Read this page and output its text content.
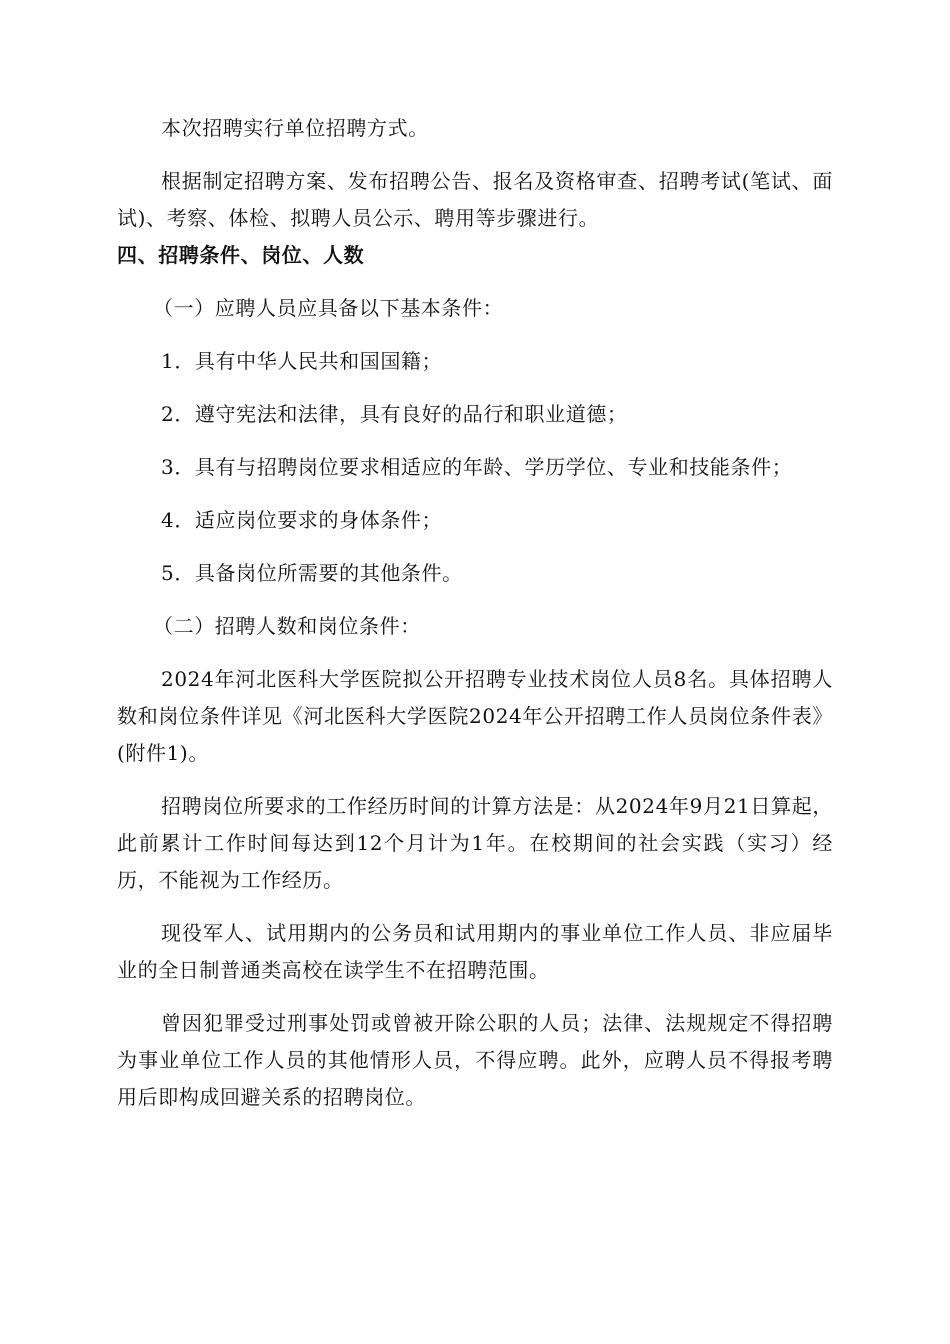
本次招聘实行单位招聘方式。

根据制定招聘方案、发布招聘公告、报名及资格审查、招聘考试(笔试、面试)、考察、体检、拟聘人员公示、聘用等步骤进行。

四、招聘条件、岗位、人数

（一）应聘人员应具备以下基本条件：

1．具有中华人民共和国国籍；

2．遵守宪法和法律，具有良好的品行和职业道德；

3．具有与招聘岗位要求相适应的年龄、学历学位、专业和技能条件；

4．适应岗位要求的身体条件；

5．具备岗位所需要的其他条件。

（二）招聘人数和岗位条件：

2024年河北医科大学医院拟公开招聘专业技术岗位人员8名。具体招聘人数和岗位条件详见《河北医科大学医院2024年公开招聘工作人员岗位条件表》(附件1)。

招聘岗位所要求的工作经历时间的计算方法是：从2024年9月21日算起，此前累计工作时间每达到12个月计为1年。在校期间的社会实践（实习）经历，不能视为工作经历。

现役军人、试用期内的公务员和试用期内的事业单位工作人员、非应届毕业的全日制普通类高校在读学生不在招聘范围。

曾因犯罪受过刑事处罚或曾被开除公职的人员；法律、法规规定不得招聘为事业单位工作人员的其他情形人员，不得应聘。此外，应聘人员不得报考聘用后即构成回避关系的招聘岗位。
